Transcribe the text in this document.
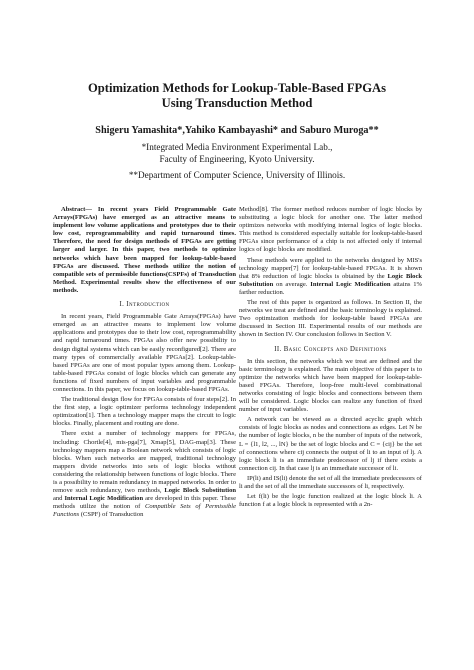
Optimization Methods for Lookup-Table-Based FPGAs
Using Transduction Method
Shigeru Yamashita*,Yahiko Kambayashi* and Saburo Muroga**
*Integrated Media Environment Experimental Lab.,
Faculty of Engineering, Kyoto University.
**Department of Computer Science, University of Illinois.

Abstract— In recent years Field Programmable Gate Arrays(FPGAs) have emerged as an attractive means to implement low volume applications and prototypes due to their low cost, reprogrammability and rapid turnaround times. Therefore, the need for design methods of FPGAs are getting larger and larger. In this paper, two methods to optimize networks which have been mapped for lookup-table-based FPGAs are discussed. These methods utilize the notion of compatible sets of permissible functions(CSPFs) of Transduction Method. Experimental results show the effectiveness of our methods.

I. Introduction

In recent years, Field Programmable Gate Arrays(FPGAs) have emerged as an attractive means to implement low volume applications and prototypes due to their low cost, reprogrammability and rapid turnaround times. FPGAs also offer new possibility to design digital systems which can be easily reconfigured[2]. There are many types of commercially available FPGAs[2]. Lookup-table-based FPGAs are one of most popular types among them. Lookup-table-based FPGAs consist of logic blocks which can generate any functions of fixed numbers of input variables and programmable connections. In this paper, we focus on lookup-table-based FPGAs.

The traditional design flow for FPGAs consists of four steps[2]. In the first step, a logic optimizer performs technology independent optimization[1]. Then a technology mapper maps the circuit to logic blocks. Finally, placement and routing are done.

There exist a number of technology mappers for FPGAs, including: Chortle[4], mis-pga[7], Xmap[5], DAG-map[3]. These technology mappers map a Boolean network which consists of logic blocks. When such networks are mapped, traditional technology mappers divide networks into sets of logic blocks without considering the relationship between functions of logic blocks. There is a possibility to remain redundancy in mapped networks. In order to remove such redundancy, two methods, Logic Block Substitution and Internal Logic Modification are developed in this paper. These methods utilize the notion of Compatible Sets of Permissible Functions (CSPF) of Transduction

Method[8]. The former method reduces number of logic blocks by substituting a logic block for another one. The latter method optimizes networks with modifying internal logics of logic blocks. This method is considered especially suitable for lookup-table-based FPGAs since performance of a chip is not affected only if internal logics of logic blocks are modified.

These methods were applied to the networks designed by MIS's technology mapper[7] for lookup-table-based FPGAs. It is shown that 8% reduction of logic blocks is obtained by the Logic Block Substitution on average. Internal Logic Modification attains 1% farther reduction.

The rest of this paper is organized as follows. In Section II, the networks we treat are defined and the basic terminology is explained. Two optimization methods for lookup-table based FPGAs are discussed in Section III. Experimental results of our methods are shown in Section IV. Our conclusion follows in Section V.

II. Basic Concepts and Definitions

In this section, the networks which we treat are defined and the basic terminology is explained. The main objective of this paper is to optimize the networks which have been mapped for lookup-table-based FPGAs. Therefore, loop-free multi-level combinational networks consisting of logic blocks and connections between them will be considered. Logic blocks can realize any function of fixed number of input variables.

A network can be viewed as a directed acyclic graph which consists of logic blocks as nodes and connections as edges. Let N be the number of logic blocks, n be the number of inputs of the network, L = {l1, l2, ..., lN} be the set of logic blocks and C = {cij} be the set of connections where cij connects the output of li to an input of lj. A logic block li is an immediate predecessor of lj if there exists a connection cij. In that case lj is an immediate successor of li.

IP(li) and IS(li) denote the set of all the immediate predecessors of li and the set of all the immediate successors of li, respectively.

Let f(li) be the logic function realized at the logic block li. A function f at a logic block is represented with a 2n-
